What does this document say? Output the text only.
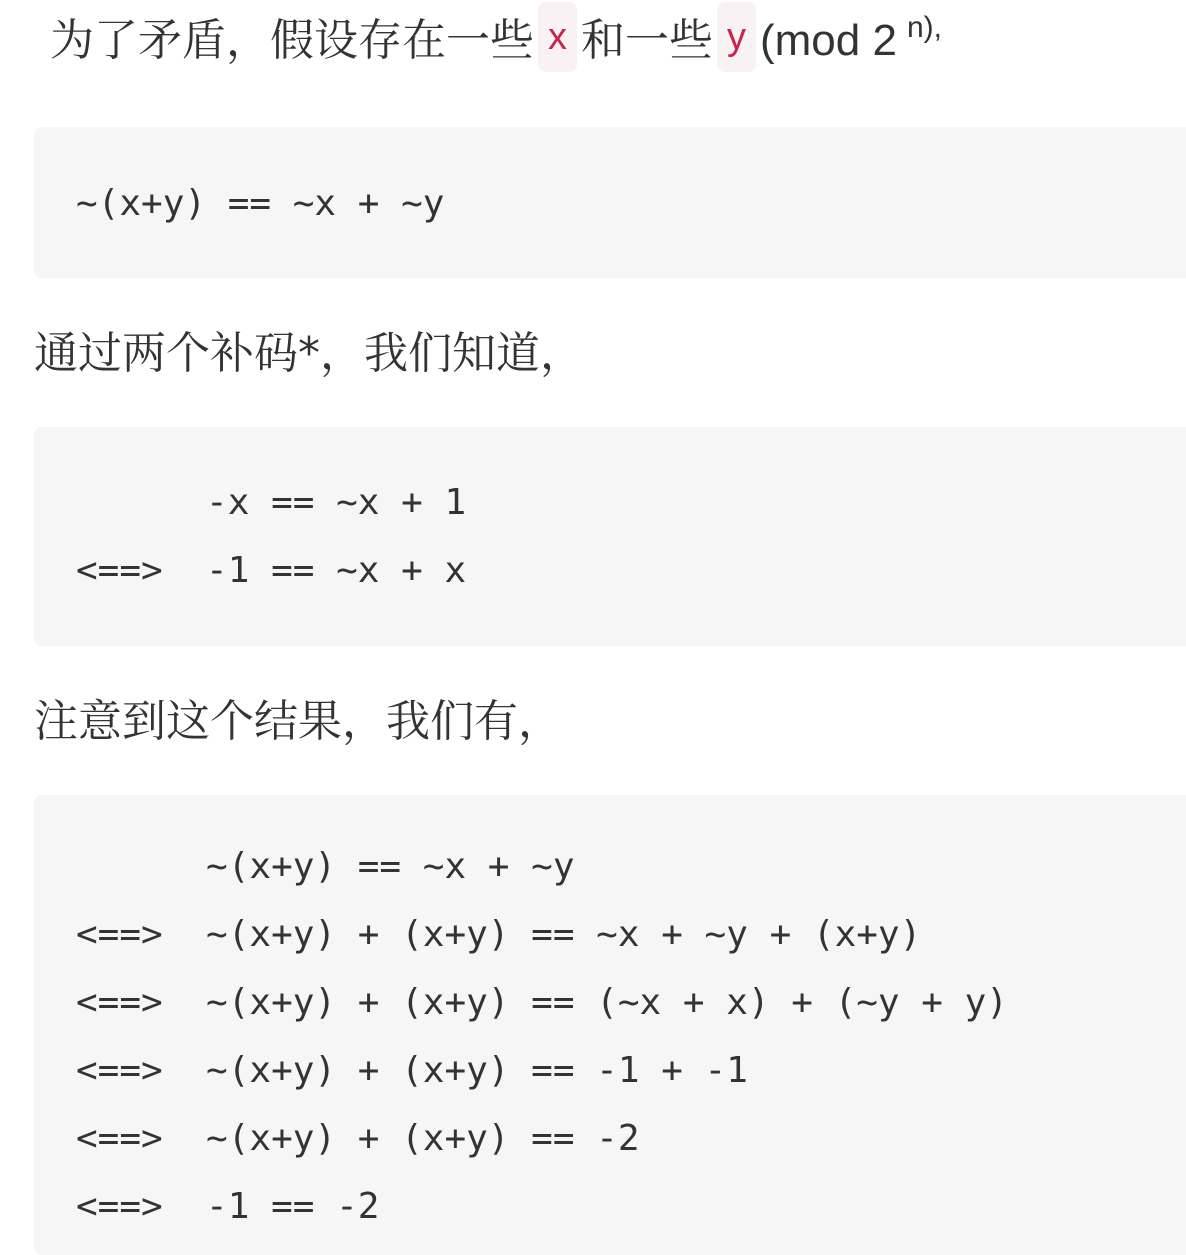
为了矛盾，假设存在一些 x 和一些 y (mod 2 $^{n),}$
~(x+y) == ~x + ~y
通过两个补码*，我们知道，
-x == ~x + 1
<==>  -1 == ~x + x
注意到这个结果，我们有，
~(x+y) == ~x + ~y
<==>  ~(x+y) + (x+y) == ~x + ~y + (x+y)
<==>  ~(x+y) + (x+y) == (~x + x) + (~y + y)
<==>  ~(x+y) + (x+y) == -1 + -1
<==>  ~(x+y) + (x+y) == -2
<==>  -1 == -2
